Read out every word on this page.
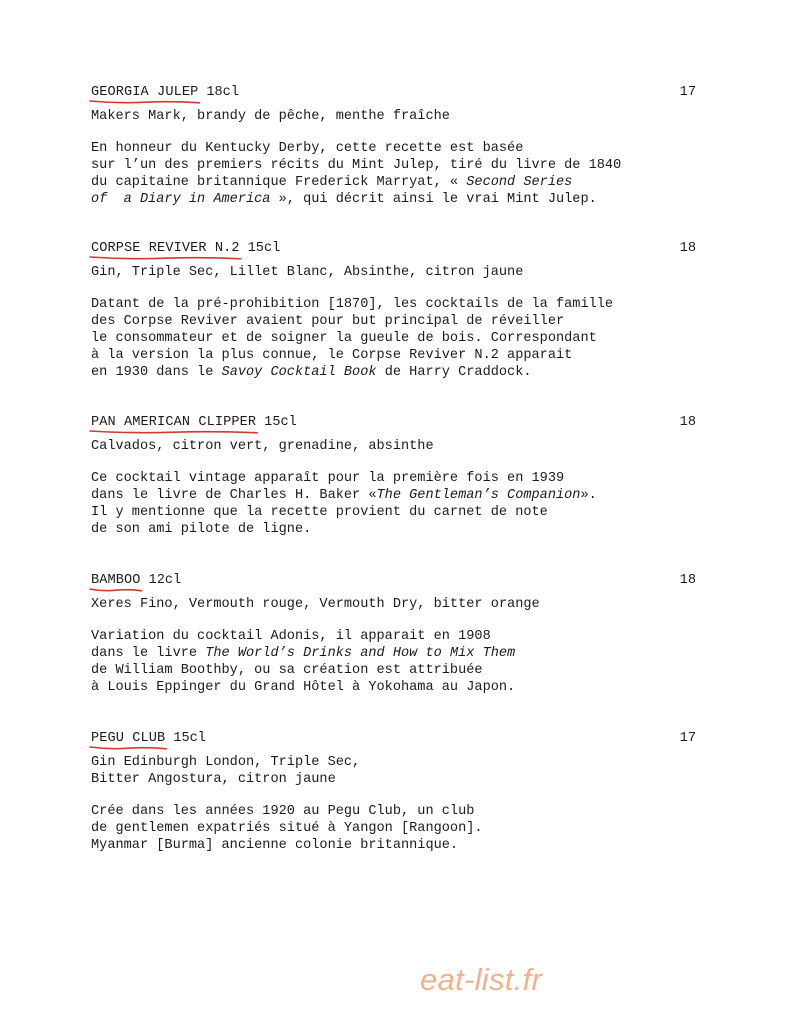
GEORGIA JULEP 18cl	17
Makers Mark, brandy de pêche, menthe fraîche
En honneur du Kentucky Derby, cette recette est basée
sur l’un des premiers récits du Mint Julep, tiré du livre de 1840
du capitaine britannique Frederick Marryat, « Second Series
of  a Diary in America », qui décrit ainsi le vrai Mint Julep.
CORPSE REVIVER N.2 15cl	18
Gin, Triple Sec, Lillet Blanc, Absinthe, citron jaune
Datant de la pré-prohibition [1870], les cocktails de la famille
des Corpse Reviver avaient pour but principal de réveiller
le consommateur et de soigner la gueule de bois. Correspondant
à la version la plus connue, le Corpse Reviver N.2 apparait
en 1930 dans le Savoy Cocktail Book de Harry Craddock.
PAN AMERICAN CLIPPER 15cl	18
Calvados, citron vert, grenadine, absinthe
Ce cocktail vintage apparaît pour la première fois en 1939
dans le livre de Charles H. Baker «The Gentleman’s Companion».
Il y mentionne que la recette provient du carnet de note
de son ami pilote de ligne.
BAMBOO 12cl	18
Xeres Fino, Vermouth rouge, Vermouth Dry, bitter orange
Variation du cocktail Adonis, il apparait en 1908
dans le livre The World’s Drinks and How to Mix Them
de William Boothby, ou sa création est attribuée
à Louis Eppinger du Grand Hôtel à Yokohama au Japon.
PEGU CLUB 15cl	17
Gin Edinburgh London, Triple Sec,
Bitter Angostura, citron jaune
Crée dans les années 1920 au Pegu Club, un club
de gentlemen expatriés situé à Yangon [Rangoon].
Myanmar [Burma] ancienne colonie britannique.
eat-list.fr
